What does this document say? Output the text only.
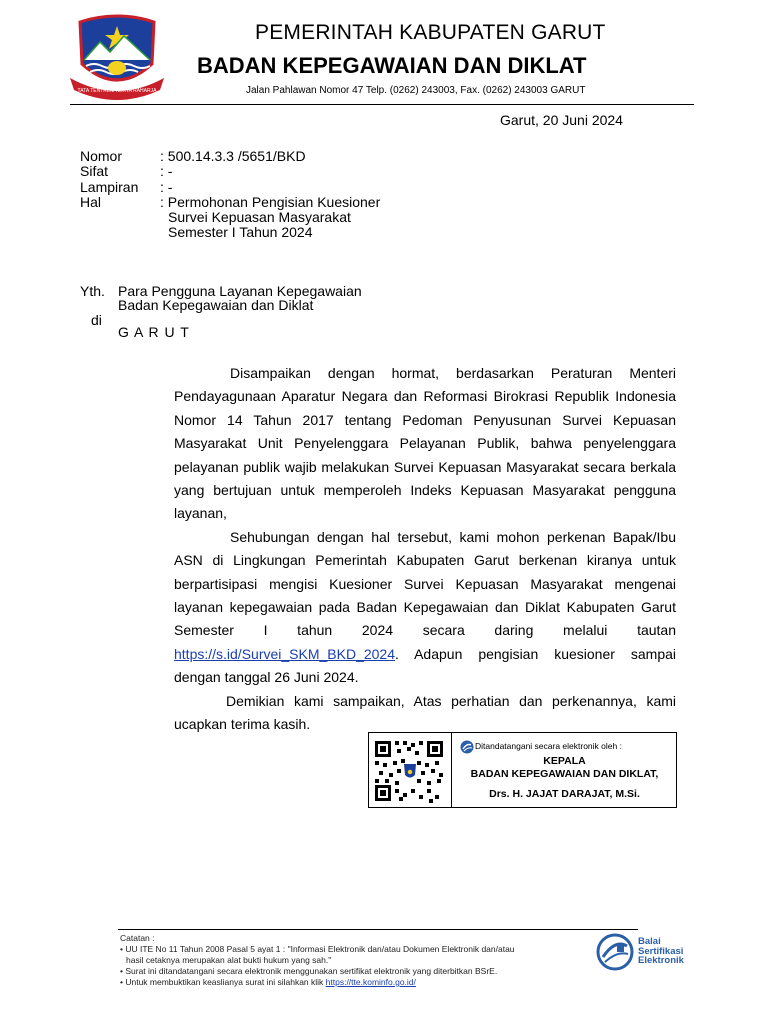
TATA TENTREM KERTA RAHARJA
PEMERINTAH KABUPATEN GARUT
BADAN KEPEGAWAIAN DAN DIKLAT
Jalan Pahlawan Nomor 47 Telp. (0262) 243003, Fax. (0262) 243003 GARUT
Garut, 20 Juni 2024
Nomor	: 500.14.3.3 /5651/BKD
Sifat	: -
Lampiran : -
Hal	: Permohonan Pengisian Kuesioner
Survei Kepuasan Masyarakat
Semester I Tahun 2024
Yth. Para Pengguna Layanan Kepegawaian
Badan Kepegawaian dan Diklat
di
G A R U T

Disampaikan dengan hormat, berdasarkan Peraturan Menteri Pendayagunaan Aparatur Negara dan Reformasi Birokrasi Republik Indonesia Nomor 14 Tahun 2017 tentang Pedoman Penyusunan Survei Kepuasan Masyarakat Unit Penyelenggara Pelayanan Publik, bahwa penyelenggara pelayanan publik wajib melakukan Survei Kepuasan Masyarakat secara berkala yang bertujuan untuk memperoleh Indeks Kepuasan Masyarakat pengguna layanan,

Sehubungan dengan hal tersebut, kami mohon perkenan Bapak/Ibu ASN di Lingkungan Pemerintah Kabupaten Garut berkenan kiranya untuk berpartisipasi mengisi Kuesioner Survei Kepuasan Masyarakat mengenai layanan kepegawaian pada Badan Kepegawaian dan Diklat Kabupaten Garut Semester I tahun 2024 secara daring melalui tautan https://s.id/Survei_SKM_BKD_2024. Adapun pengisian kuesioner sampai dengan tanggal 26 Juni 2024.

Demikian kami sampaikan, Atas perhatian dan perkenannya, kami ucapkan terima kasih.

Ditandatangani secara elektronik oleh :
KEPALA
BADAN KEPEGAWAIAN DAN DIKLAT,
Drs. H. JAJAT DARAJAT, M.Si.
Catatan :
• UU ITE No 11 Tahun 2008 Pasal 5 ayat 1 : "Informasi Elektronik dan/atau Dokumen Elektronik dan/atau
hasil cetaknya merupakan alat bukti hukum yang sah."
• Surat ini ditandatangani secara elektronik menggunakan sertifikat elektronik yang diterbitkan BSrE.
• Untuk membuktikan keaslianya surat ini silahkan klik https://tte.kominfo.go.id/
Balai
Sertifikasi
Elektronik
